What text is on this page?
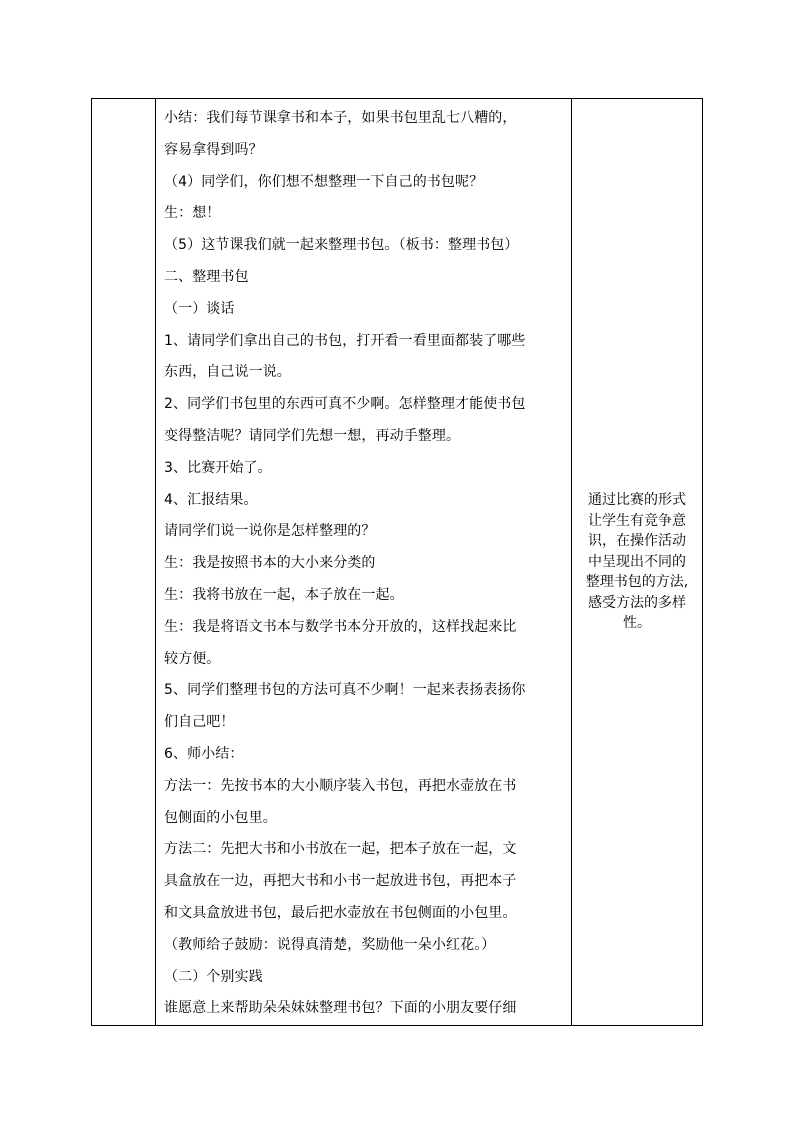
小结：我们每节课拿书和本子，如果书包里乱七八糟的，
容易拿得到吗？
（4）同学们，你们想不想整理一下自己的书包呢？
生：想！
（5）这节课我们就一起来整理书包。（板书：整理书包）
二、整理书包
（一）谈话
1、请同学们拿出自己的书包，打开看一看里面都装了哪些
东西，自己说一说。
2、同学们书包里的东西可真不少啊。怎样整理才能使书包
变得整洁呢？请同学们先想一想，再动手整理。
3、比赛开始了。
4、汇报结果。
请同学们说一说你是怎样整理的？
生：我是按照书本的大小来分类的
生：我将书放在一起，本子放在一起。
生：我是将语文书本与数学书本分开放的，这样找起来比
较方便。
5、同学们整理书包的方法可真不少啊！一起来表扬表扬你
们自己吧！
6、师小结：
方法一：先按书本的大小顺序装入书包，再把水壶放在书
包侧面的小包里。
方法二：先把大书和小书放在一起，把本子放在一起，文
具盒放在一边，再把大书和小书一起放进书包，再把本子
和文具盒放进书包，最后把水壶放在书包侧面的小包里。
（教师给子鼓励：说得真清楚，奖励他一朵小红花。）
（二）个别实践
谁愿意上来帮助朵朵妹妹整理书包？下面的小朋友要仔细

通过比赛的形式
让学生有竞争意
识，在操作活动
中呈现出不同的
整理书包的方法,
感受方法的多样
性。
